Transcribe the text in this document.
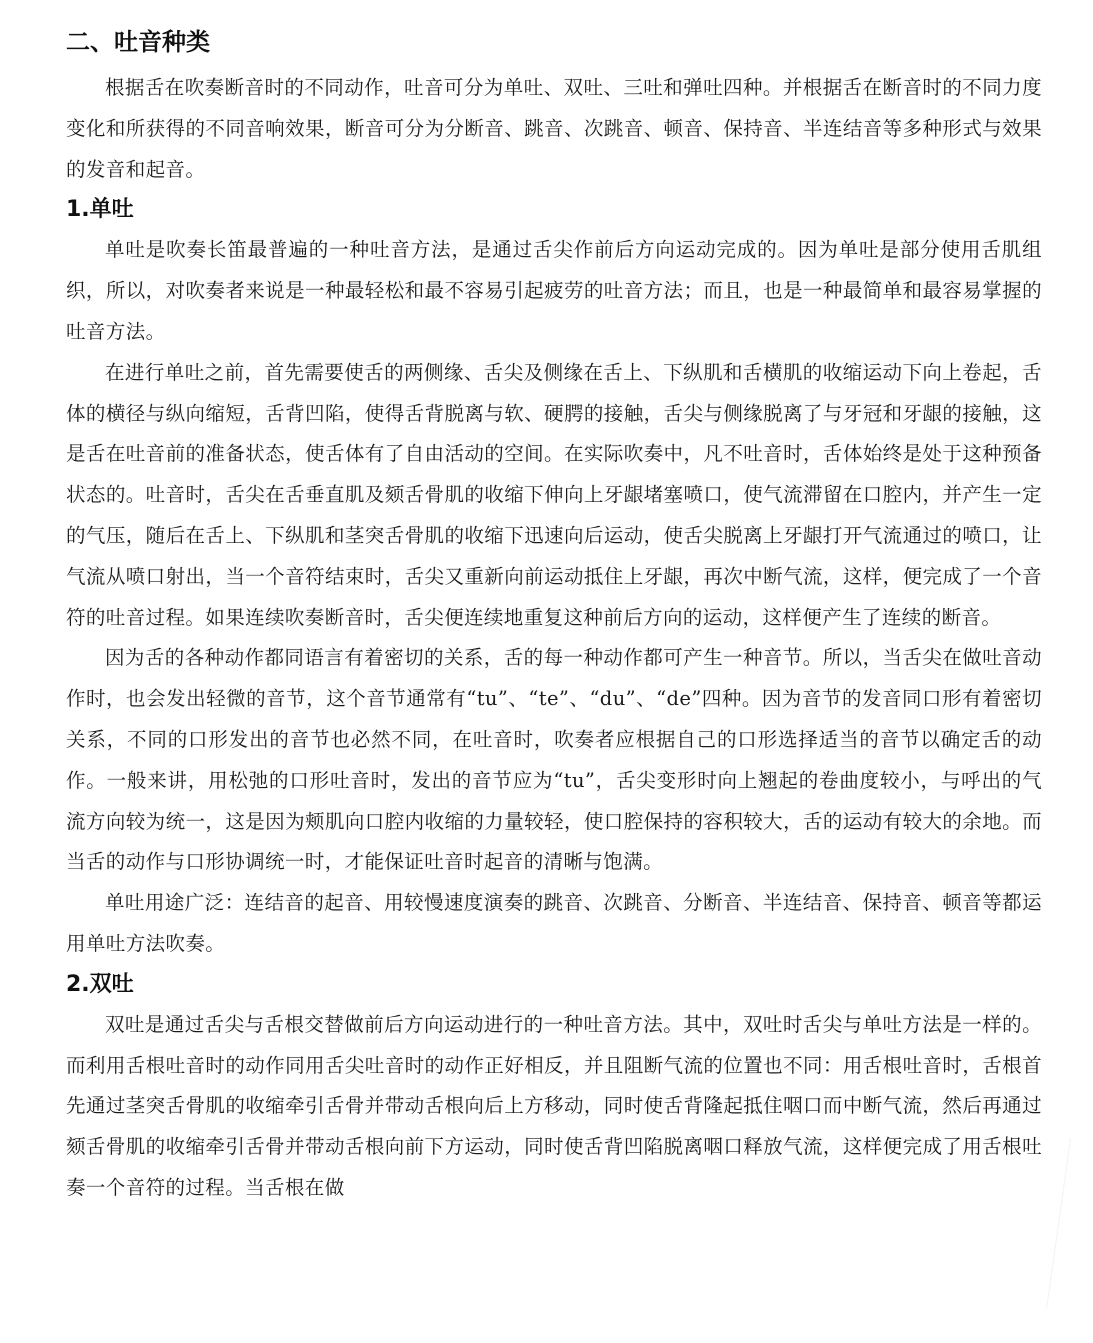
二、吐音种类

根据舌在吹奏断音时的不同动作，吐音可分为单吐、双吐、三吐和弹吐四种。并根据舌在断音时的不同力度变化和所获得的不同音响效果，断音可分为分断音、跳音、次跳音、顿音、保持音、半连结音等多种形式与效果的发音和起音。

1.单吐

单吐是吹奏长笛最普遍的一种吐音方法，是通过舌尖作前后方向运动完成的。因为单吐是部分使用舌肌组织，所以，对吹奏者来说是一种最轻松和最不容易引起疲劳的吐音方法；而且，也是一种最简单和最容易掌握的吐音方法。

在进行单吐之前，首先需要使舌的两侧缘、舌尖及侧缘在舌上、下纵肌和舌横肌的收缩运动下向上卷起，舌体的横径与纵向缩短，舌背凹陷，使得舌背脱离与软、硬腭的接触，舌尖与侧缘脱离了与牙冠和牙龈的接触，这是舌在吐音前的准备状态，使舌体有了自由活动的空间。在实际吹奏中，凡不吐音时，舌体始终是处于这种预备状态的。吐音时，舌尖在舌垂直肌及颏舌骨肌的收缩下伸向上牙龈堵塞喷口，使气流滞留在口腔内，并产生一定的气压，随后在舌上、下纵肌和茎突舌骨肌的收缩下迅速向后运动，使舌尖脱离上牙龈打开气流通过的喷口，让气流从喷口射出，当一个音符结束时，舌尖又重新向前运动抵住上牙龈，再次中断气流，这样，便完成了一个音符的吐音过程。如果连续吹奏断音时，舌尖便连续地重复这种前后方向的运动，这样便产生了连续的断音。

因为舌的各种动作都同语言有着密切的关系，舌的每一种动作都可产生一种音节。所以，当舌尖在做吐音动作时，也会发出轻微的音节，这个音节通常有“tu”、“te”、“du”、“de”四种。因为音节的发音同口形有着密切关系，不同的口形发出的音节也必然不同，在吐音时，吹奏者应根据自己的口形选择适当的音节以确定舌的动作。一般来讲，用松弛的口形吐音时，发出的音节应为“tu”，舌尖变形时向上翘起的卷曲度较小，与呼出的气流方向较为统一，这是因为颊肌向口腔内收缩的力量较轻，使口腔保持的容积较大，舌的运动有较大的余地。而当舌的动作与口形协调统一时，才能保证吐音时起音的清晰与饱满。

单吐用途广泛：连结音的起音、用较慢速度演奏的跳音、次跳音、分断音、半连结音、保持音、顿音等都运用单吐方法吹奏。

2.双吐

双吐是通过舌尖与舌根交替做前后方向运动进行的一种吐音方法。其中，双吐时舌尖与单吐方法是一样的。而利用舌根吐音时的动作同用舌尖吐音时的动作正好相反，并且阻断气流的位置也不同：用舌根吐音时，舌根首先通过茎突舌骨肌的收缩牵引舌骨并带动舌根向后上方移动，同时使舌背隆起抵住咽口而中断气流，然后再通过颏舌骨肌的收缩牵引舌骨并带动舌根向前下方运动，同时使舌背凹陷脱离咽口释放气流，这样便完成了用舌根吐奏一个音符的过程。当舌根在做
